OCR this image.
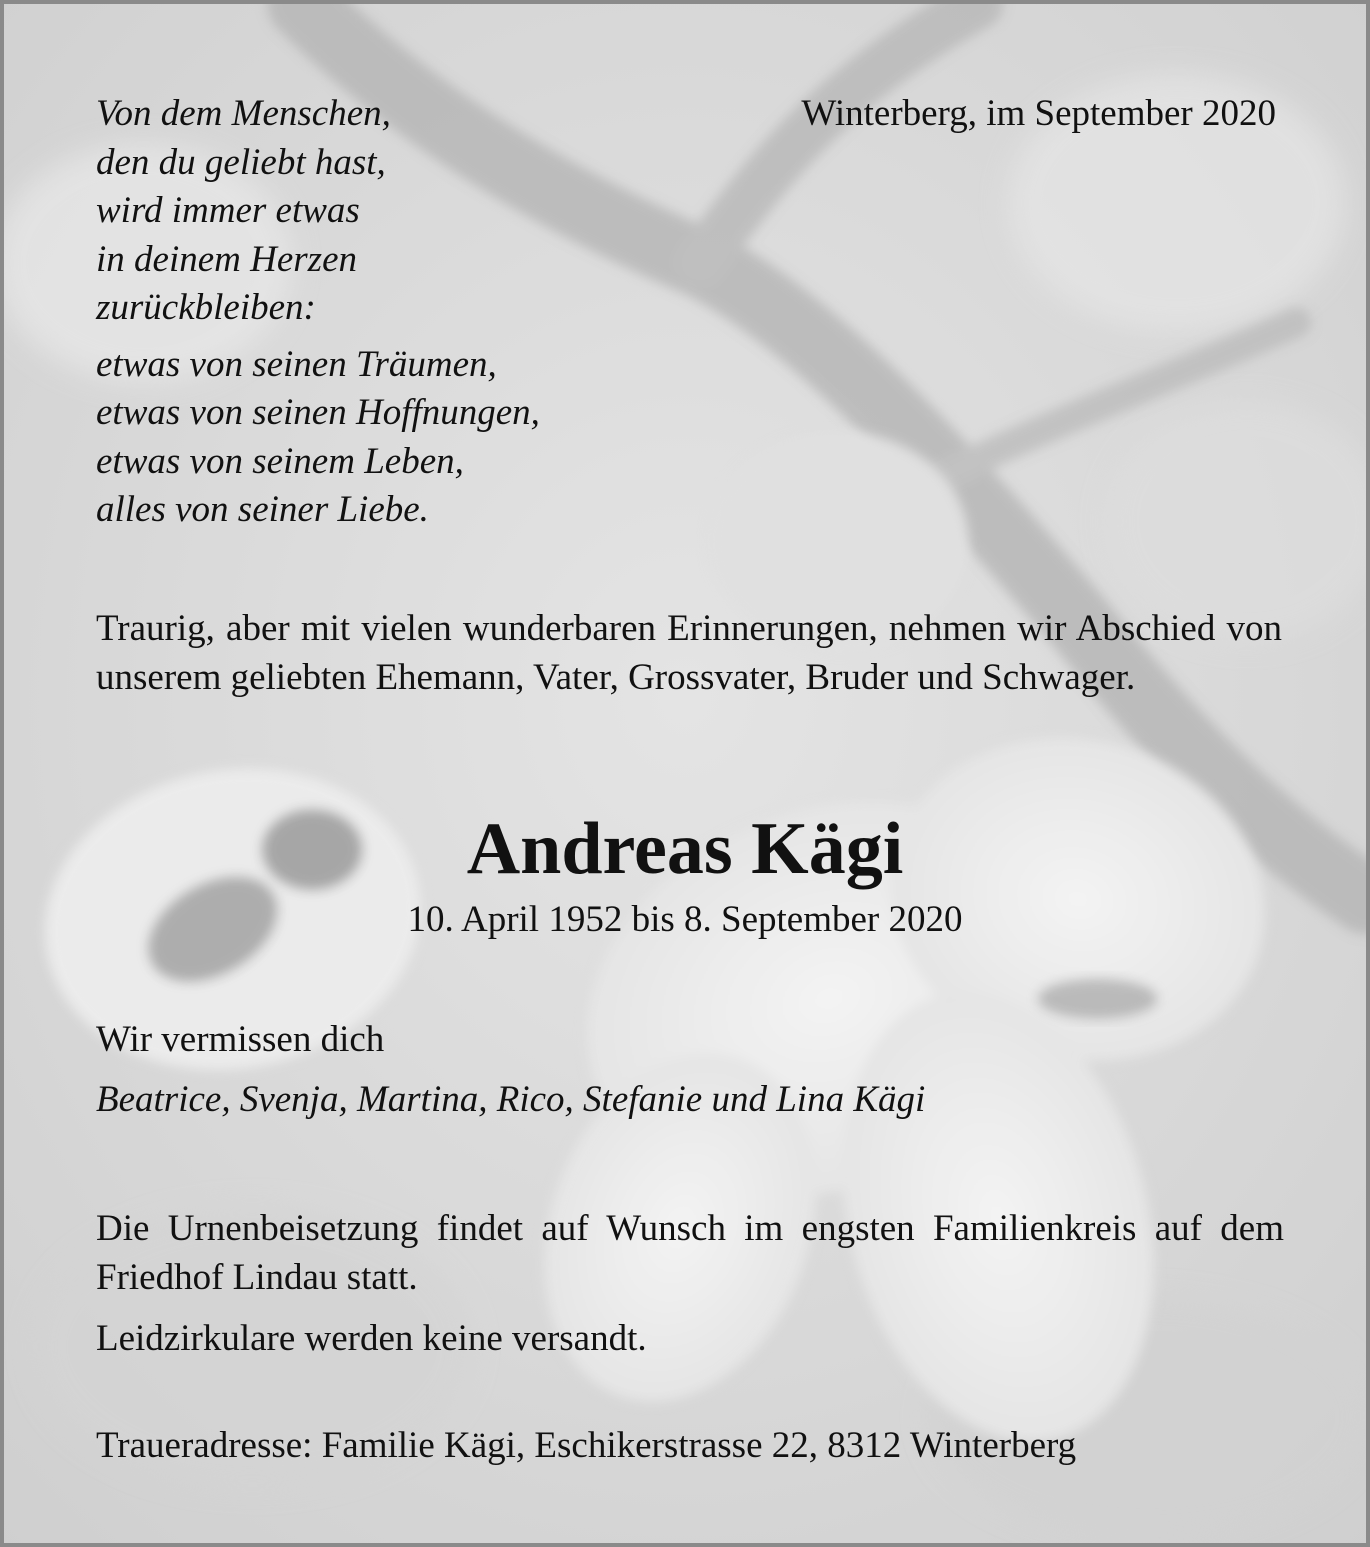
Von dem Menschen,
den du geliebt hast,
wird immer etwas
in deinem Herzen
zurückbleiben:
etwas von seinen Träumen,
etwas von seinen Hoffnungen,
etwas von seinem Leben,
alles von seiner Liebe.
Winterberg, im September 2020
Traurig, aber mit vielen wunderbaren Erinnerungen, nehmen wir Abschied von unserem geliebten Ehemann, Vater, Grossvater, Bruder und Schwager.
Andreas Kägi
10. April 1952 bis 8. September 2020
Wir vermissen dich
Beatrice, Svenja, Martina, Rico, Stefanie und Lina Kägi
Die Urnenbeisetzung findet auf Wunsch im engsten Familienkreis auf dem Friedhof Lindau statt.
Leidzirkulare werden keine versandt.
Traueradresse: Familie Kägi, Eschikerstrasse 22, 8312 Winterberg
